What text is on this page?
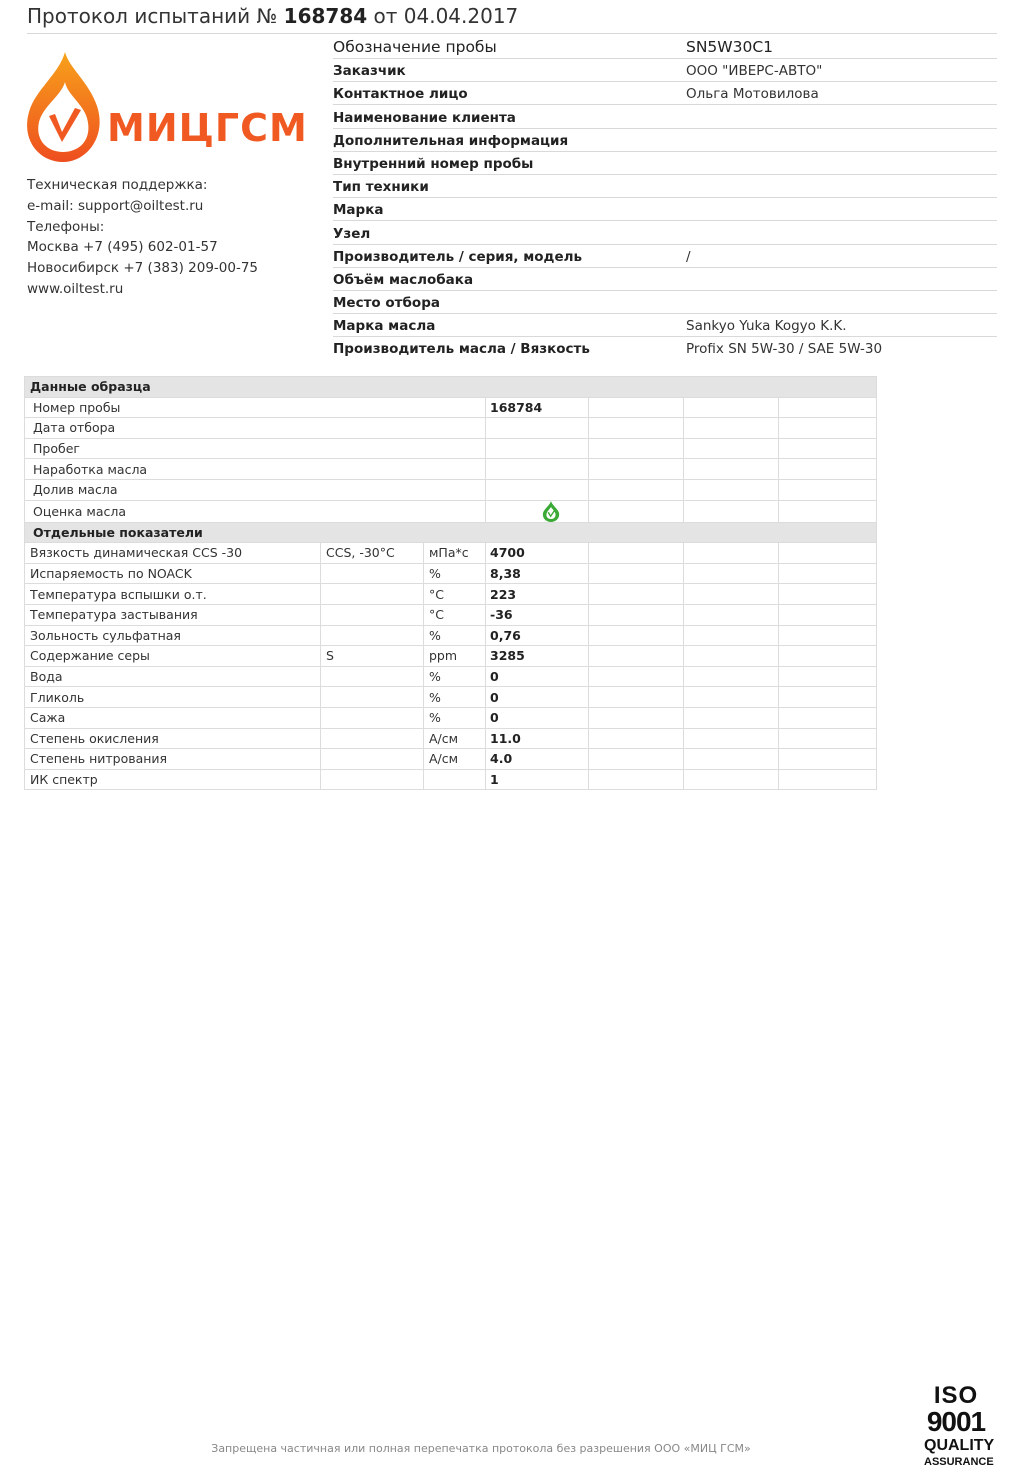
Протокол испытаний № 168784 от 04.04.2017
МИЦГСМ
Техническая поддержка:
e-mail: support@oiltest.ru
Телефоны:
Москва +7 (495) 602-01-57
Новосибирск +7 (383) 209-00-75
www.oiltest.ru
Обозначение пробы	SN5W30C1
Заказчик	ООО "ИВЕРС-АВТО"
Контактное лицо	Ольга Мотовилова
Наименование клиента
Дополнительная информация
Внутренний номер пробы
Тип техники
Марка
Узел
Производитель / серия, модель	/
Объём маслобака
Место отбора
Марка масла	Sankyo Yuka Kogyo K.K.
Производитель масла / Вязкость	Profix SN 5W-30 / SAE 5W-30
Данные образца						
Номер пробы			168784			
Дата отбора						
Пробег						
Наработка масла						
Долив масла						
Оценка масла				
Отдельные показатели						
Вязкость динамическая CCS -30	CCS, -30°C	мПа*с	4700			
Испаряемость по NOACK		%	8,38			
Температура вспышки о.т.		°C	223			
Температура застывания		°C	-36			
Зольность сульфатная		%	0,76			
Содержание серы	S	ppm	3285			
Вода		%	0			
Гликоль		%	0			
Сажа		%	0			
Степень окисления		А/см	11.0			
Степень нитрования		А/см	4.0			
ИК спектр			1			
Запрещена частичная или полная перепечатка протокола без разрешения ООО «МИЦ ГСМ»
ISO
9001
QUALITY
ASSURANCE
